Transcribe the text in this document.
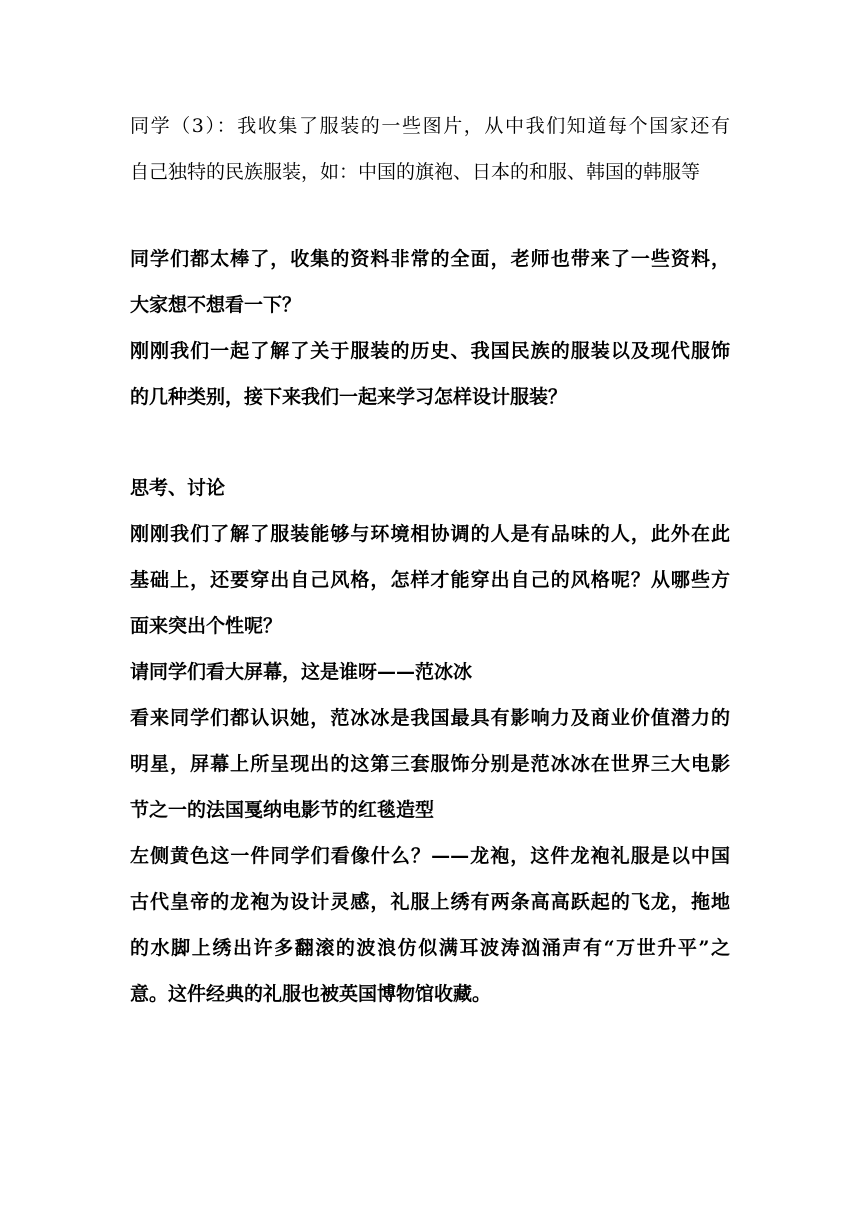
同学（3）：我收集了服装的一些图片，从中我们知道每个国家还有
自己独特的民族服装，如：中国的旗袍、日本的和服、韩国的韩服等
同学们都太棒了，收集的资料非常的全面，老师也带来了一些资料，
大家想不想看一下？
刚刚我们一起了解了关于服装的历史、我国民族的服装以及现代服饰
的几种类别，接下来我们一起来学习怎样设计服装？
思考、讨论
刚刚我们了解了服装能够与环境相协调的人是有品味的人，此外在此
基础上，还要穿出自己风格，怎样才能穿出自己的风格呢？从哪些方
面来突出个性呢？
请同学们看大屏幕，这是谁呀——范冰冰
看来同学们都认识她，范冰冰是我国最具有影响力及商业价值潜力的
明星，屏幕上所呈现出的这第三套服饰分别是范冰冰在世界三大电影
节之一的法国戛纳电影节的红毯造型
左侧黄色这一件同学们看像什么？——龙袍，这件龙袍礼服是以中国
古代皇帝的龙袍为设计灵感，礼服上绣有两条高高跃起的飞龙，拖地
的水脚上绣出许多翻滚的波浪仿似满耳波涛汹涌声有“万世升平”之
意。这件经典的礼服也被英国博物馆收藏。
